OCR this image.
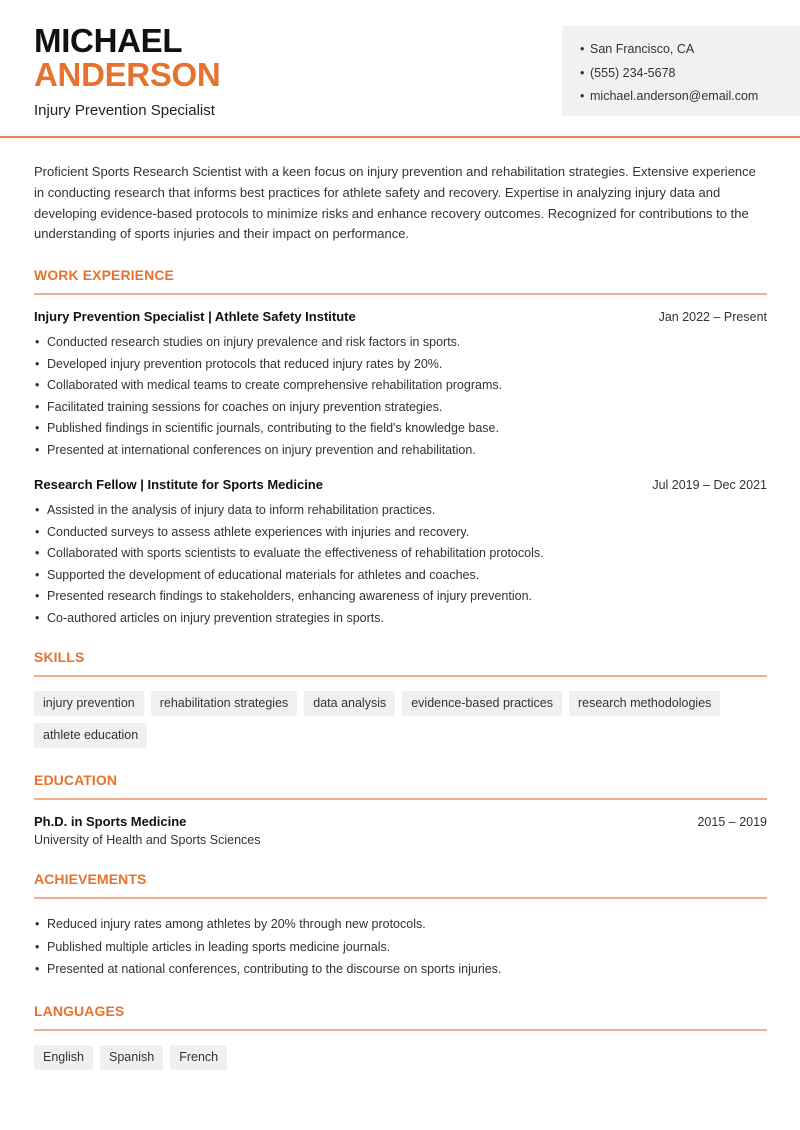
MICHAEL
ANDERSON
Injury Prevention Specialist
• San Francisco, CA
• (555) 234-5678
• michael.anderson@email.com

Proficient Sports Research Scientist with a keen focus on injury prevention and rehabilitation strategies. Extensive experience in conducting research that informs best practices for athlete safety and recovery. Expertise in analyzing injury data and developing evidence-based protocols to minimize risks and enhance recovery outcomes. Recognized for contributions to the understanding of sports injuries and their impact on performance.

WORK EXPERIENCE
Injury Prevention Specialist | Athlete Safety Institute	Jan 2022 – Present
• Conducted research studies on injury prevalence and risk factors in sports.
• Developed injury prevention protocols that reduced injury rates by 20%.
• Collaborated with medical teams to create comprehensive rehabilitation programs.
• Facilitated training sessions for coaches on injury prevention strategies.
• Published findings in scientific journals, contributing to the field's knowledge base.
• Presented at international conferences on injury prevention and rehabilitation.
Research Fellow | Institute for Sports Medicine	Jul 2019 – Dec 2021
• Assisted in the analysis of injury data to inform rehabilitation practices.
• Conducted surveys to assess athlete experiences with injuries and recovery.
• Collaborated with sports scientists to evaluate the effectiveness of rehabilitation protocols.
• Supported the development of educational materials for athletes and coaches.
• Presented research findings to stakeholders, enhancing awareness of injury prevention.
• Co-authored articles on injury prevention strategies in sports.
SKILLS
injury prevention	rehabilitation strategies	data analysis	evidence-based practices	research methodologies
athlete education
EDUCATION
Ph.D. in Sports Medicine	2015 – 2019
University of Health and Sports Sciences
ACHIEVEMENTS
• Reduced injury rates among athletes by 20% through new protocols.
• Published multiple articles in leading sports medicine journals.
• Presented at national conferences, contributing to the discourse on sports injuries.
LANGUAGES
English	Spanish	French
